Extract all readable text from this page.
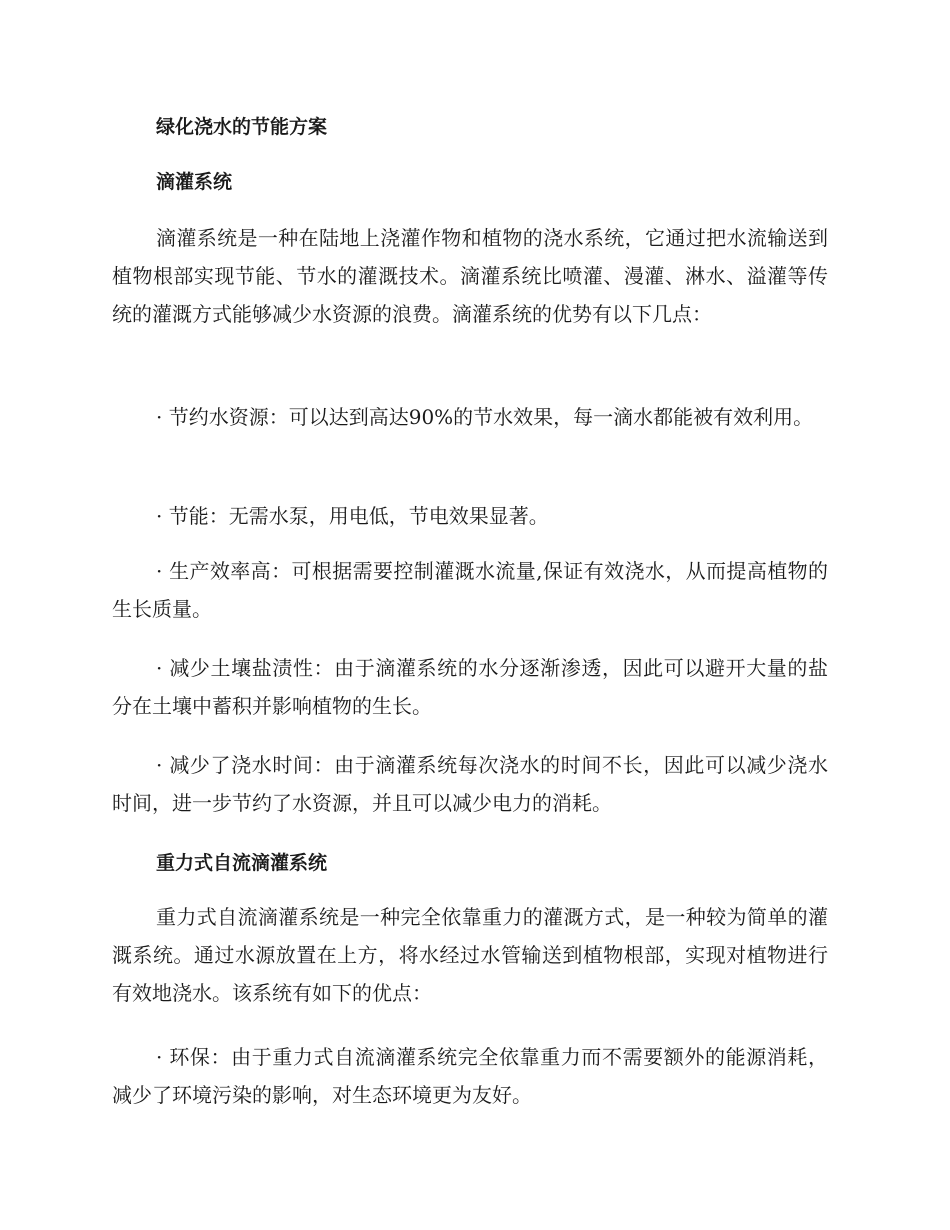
绿化浇水的节能方案
滴灌系统

滴灌系统是一种在陆地上浇灌作物和植物的浇水系统，它通过把水流输送到植物根部实现节能、节水的灌溉技术。滴灌系统比喷灌、漫灌、淋水、溢灌等传统的灌溉方式能够减少水资源的浪费。滴灌系统的优势有以下几点：

· 节约水资源：可以达到高达90%的节水效果，每一滴水都能被有效利用。

· 节能：无需水泵，用电低，节电效果显著。

· 生产效率高：可根据需要控制灌溉水流量,保证有效浇水，从而提高植物的生长质量。

· 减少土壤盐渍性：由于滴灌系统的水分逐渐渗透，因此可以避开大量的盐分在土壤中蓄积并影响植物的生长。

· 减少了浇水时间：由于滴灌系统每次浇水的时间不长，因此可以减少浇水时间，进一步节约了水资源，并且可以减少电力的消耗。

重力式自流滴灌系统

重力式自流滴灌系统是一种完全依靠重力的灌溉方式，是一种较为简单的灌溉系统。通过水源放置在上方，将水经过水管输送到植物根部，实现对植物进行有效地浇水。该系统有如下的优点：

· 环保：由于重力式自流滴灌系统完全依靠重力而不需要额外的能源消耗，减少了环境污染的影响，对生态环境更为友好。
